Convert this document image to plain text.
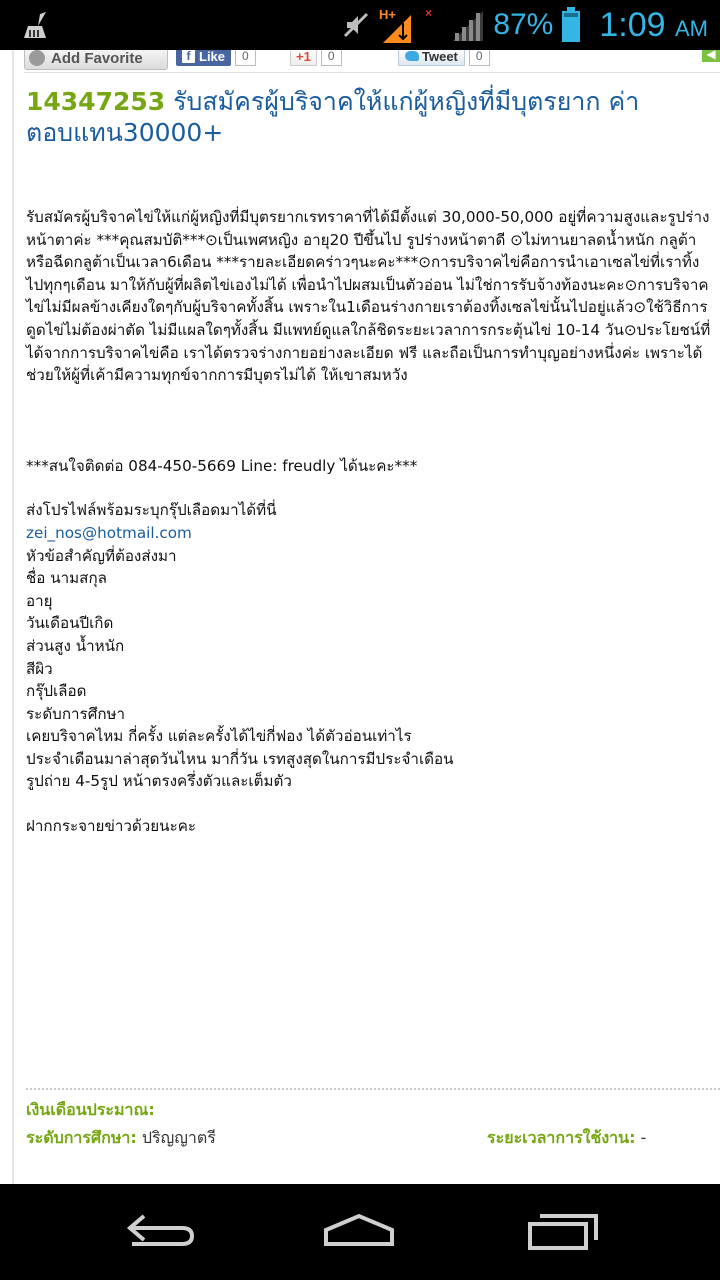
H+ × 87% 1:09 AM
Add Favorite	f Like	0	+1	0	Tweet	0	◀
14347253 รับสมัครผู้บริจาคให้แก่ผู้หญิงที่มีบุตรยาก ค่าตอบแทน30000+

รับสมัครผู้บริจาคไข่ให้แก่ผู้หญิงที่มีบุตรยากเรทราคาที่ได้มีตั้งแต่ 30,000-50,000 อยู่ที่ความสูงและรูปร่างหน้าตาค่ะ ***คุณสมบัติ***⊙เป็นเพศหญิง อายุ20 ปีขึ้นไป รูปร่างหน้าตาดี ⊙ไม่ทานยาลดน้ำหนัก กลูต้า หรือฉีดกลูต้าเป็นเวลา6เดือน ***รายละเอียดคร่าวๆนะคะ***⊙การบริจาคไข่คือการนำเอาเซลไข่ที่เราทิ้งไปทุกๆเดือน มาให้กับผู้ที่ผลิตไข่เองไม่ได้ เพื่อนำไปผสมเป็นตัวอ่อน ไม่ใช่การรับจ้างท้องนะคะ⊙การบริจาคไข่ไม่มีผลข้างเคียงใดๆกับผู้บริจาคทั้งสิ้น เพราะใน1เดือนร่างกายเราต้องทิ้งเซลไข่นั้นไปอยู่แล้ว⊙ใช้วิธีการดูดไข่ไม่ต้องผ่าตัด ไม่มีแผลใดๆทั้งสิ้น มีแพทย์ดูแลใกล้ชิดระยะเวลาการกระตุ้นไข่ 10-14 วัน⊙ประโยชน์ที่ได้จากการบริจาคไข่คือ เราได้ตรวจร่างกายอย่างละเอียด ฟรี และถือเป็นการทำบุญอย่างหนึ่งค่ะ เพราะได้ช่วยให้ผู้ที่เค้ามีความทุกข์จากการมีบุตรไม่ได้ ให้เขาสมหวัง

***สนใจติดต่อ 084-450-5669 Line: freudly ได้นะคะ***

ส่งโปรไฟล์พร้อมระบุกรุ๊ปเลือดมาได้ที่นี่
zei_nos@hotmail.com
หัวข้อสำคัญที่ต้องส่งมา
ชื่อ นามสกุล
อายุ
วันเดือนปีเกิด
ส่วนสูง น้ำหนัก
สีผิว
กรุ๊ปเลือด
ระดับการศึกษา
เคยบริจาคไหม กี่ครั้ง แต่ละครั้งได้ไข่กี่ฟอง ได้ตัวอ่อนเท่าไร
ประจำเดือนมาล่าสุดวันไหน มากี่วัน เรทสูงสุดในการมีประจำเดือน
รูปถ่าย 4-5รูป หน้าตรงครึ่งตัวและเต็มตัว
ฝากกระจายข่าวด้วยนะคะ
เงินเดือนประมาณ:
ระดับการศึกษา: ปริญญาตรี	ระยะเวลาการใช้งาน: -
